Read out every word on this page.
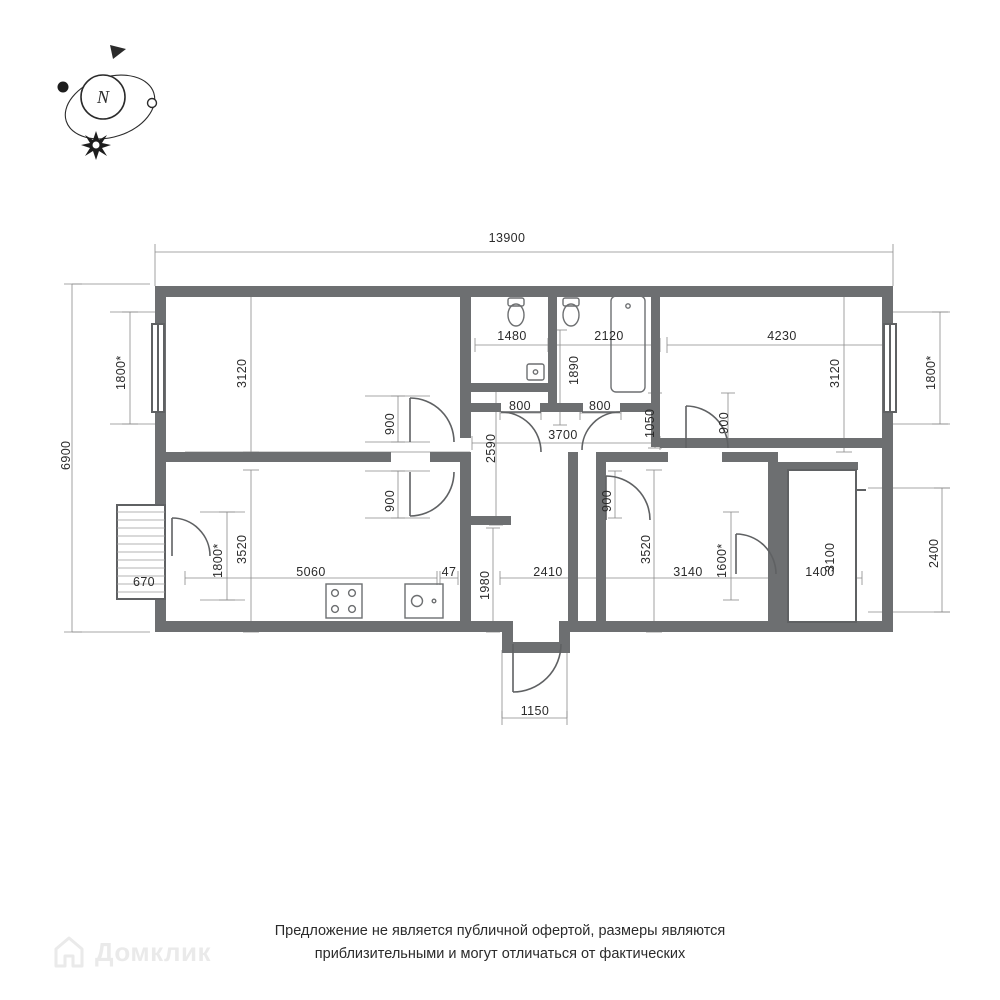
N
13900
6900
1800*	1800*
3120	3120
4230
1480	2120
1890
900
800	800
1050	900
3700
2590
900	900
3520	3520
1800*	1600*	3100	2400
5060
670
47 1980	2410	3140	1400
1150
Предложение не является публичной офертой, размеры являются
приблизительными и могут отличаться от фактических
Домклик
